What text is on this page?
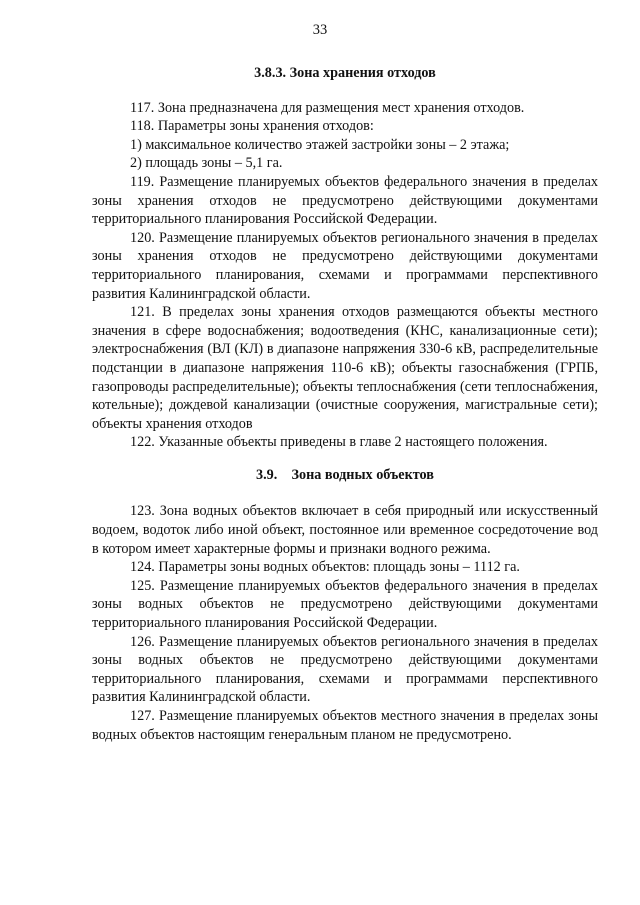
33
3.8.3. Зона хранения отходов

117. Зона предназначена для размещения мест хранения отходов.

118. Параметры зоны хранения отходов:

1) максимальное количество этажей застройки зоны – 2 этажа;

2) площадь зоны – 5,1 га.

119. Размещение планируемых объектов федерального значения в пределах зоны хранения отходов не предусмотрено действующими документами территориального планирования Российской Федерации.

120. Размещение планируемых объектов регионального значения в пределах зоны хранения отходов не предусмотрено действующими документами территориального планирования, схемами и программами перспективного развития Калининградской области.

121. В пределах зоны хранения отходов размещаются объекты местного значения в сфере водоснабжения; водоотведения (КНС, канализационные сети); электроснабжения (ВЛ (КЛ) в диапазоне напряжения 330-6 кВ, распределительные подстанции в диапазоне напряжения 110-6 кВ); объекты газоснабжения (ГРПБ, газопроводы распределительные); объекты теплоснабжения (сети теплоснабжения, котельные); дождевой канализации (очистные сооружения, магистральные сети); объекты хранения отходов

122. Указанные объекты приведены в главе 2 настоящего положения.

3.9.    Зона водных объектов

123. Зона водных объектов включает в себя природный или искусственный водоем, водоток либо иной объект, постоянное или временное сосредоточение вод в котором имеет характерные формы и признаки водного режима.

124. Параметры зоны водных объектов: площадь зоны – 1112 га.

125. Размещение планируемых объектов федерального значения в пределах зоны водных объектов не предусмотрено действующими документами территориального планирования Российской Федерации.

126. Размещение планируемых объектов регионального значения в пределах зоны водных объектов не предусмотрено действующими документами территориального планирования, схемами и программами перспективного развития Калининградской области.

127. Размещение планируемых объектов местного значения в пределах зоны водных объектов настоящим генеральным планом не предусмотрено.
